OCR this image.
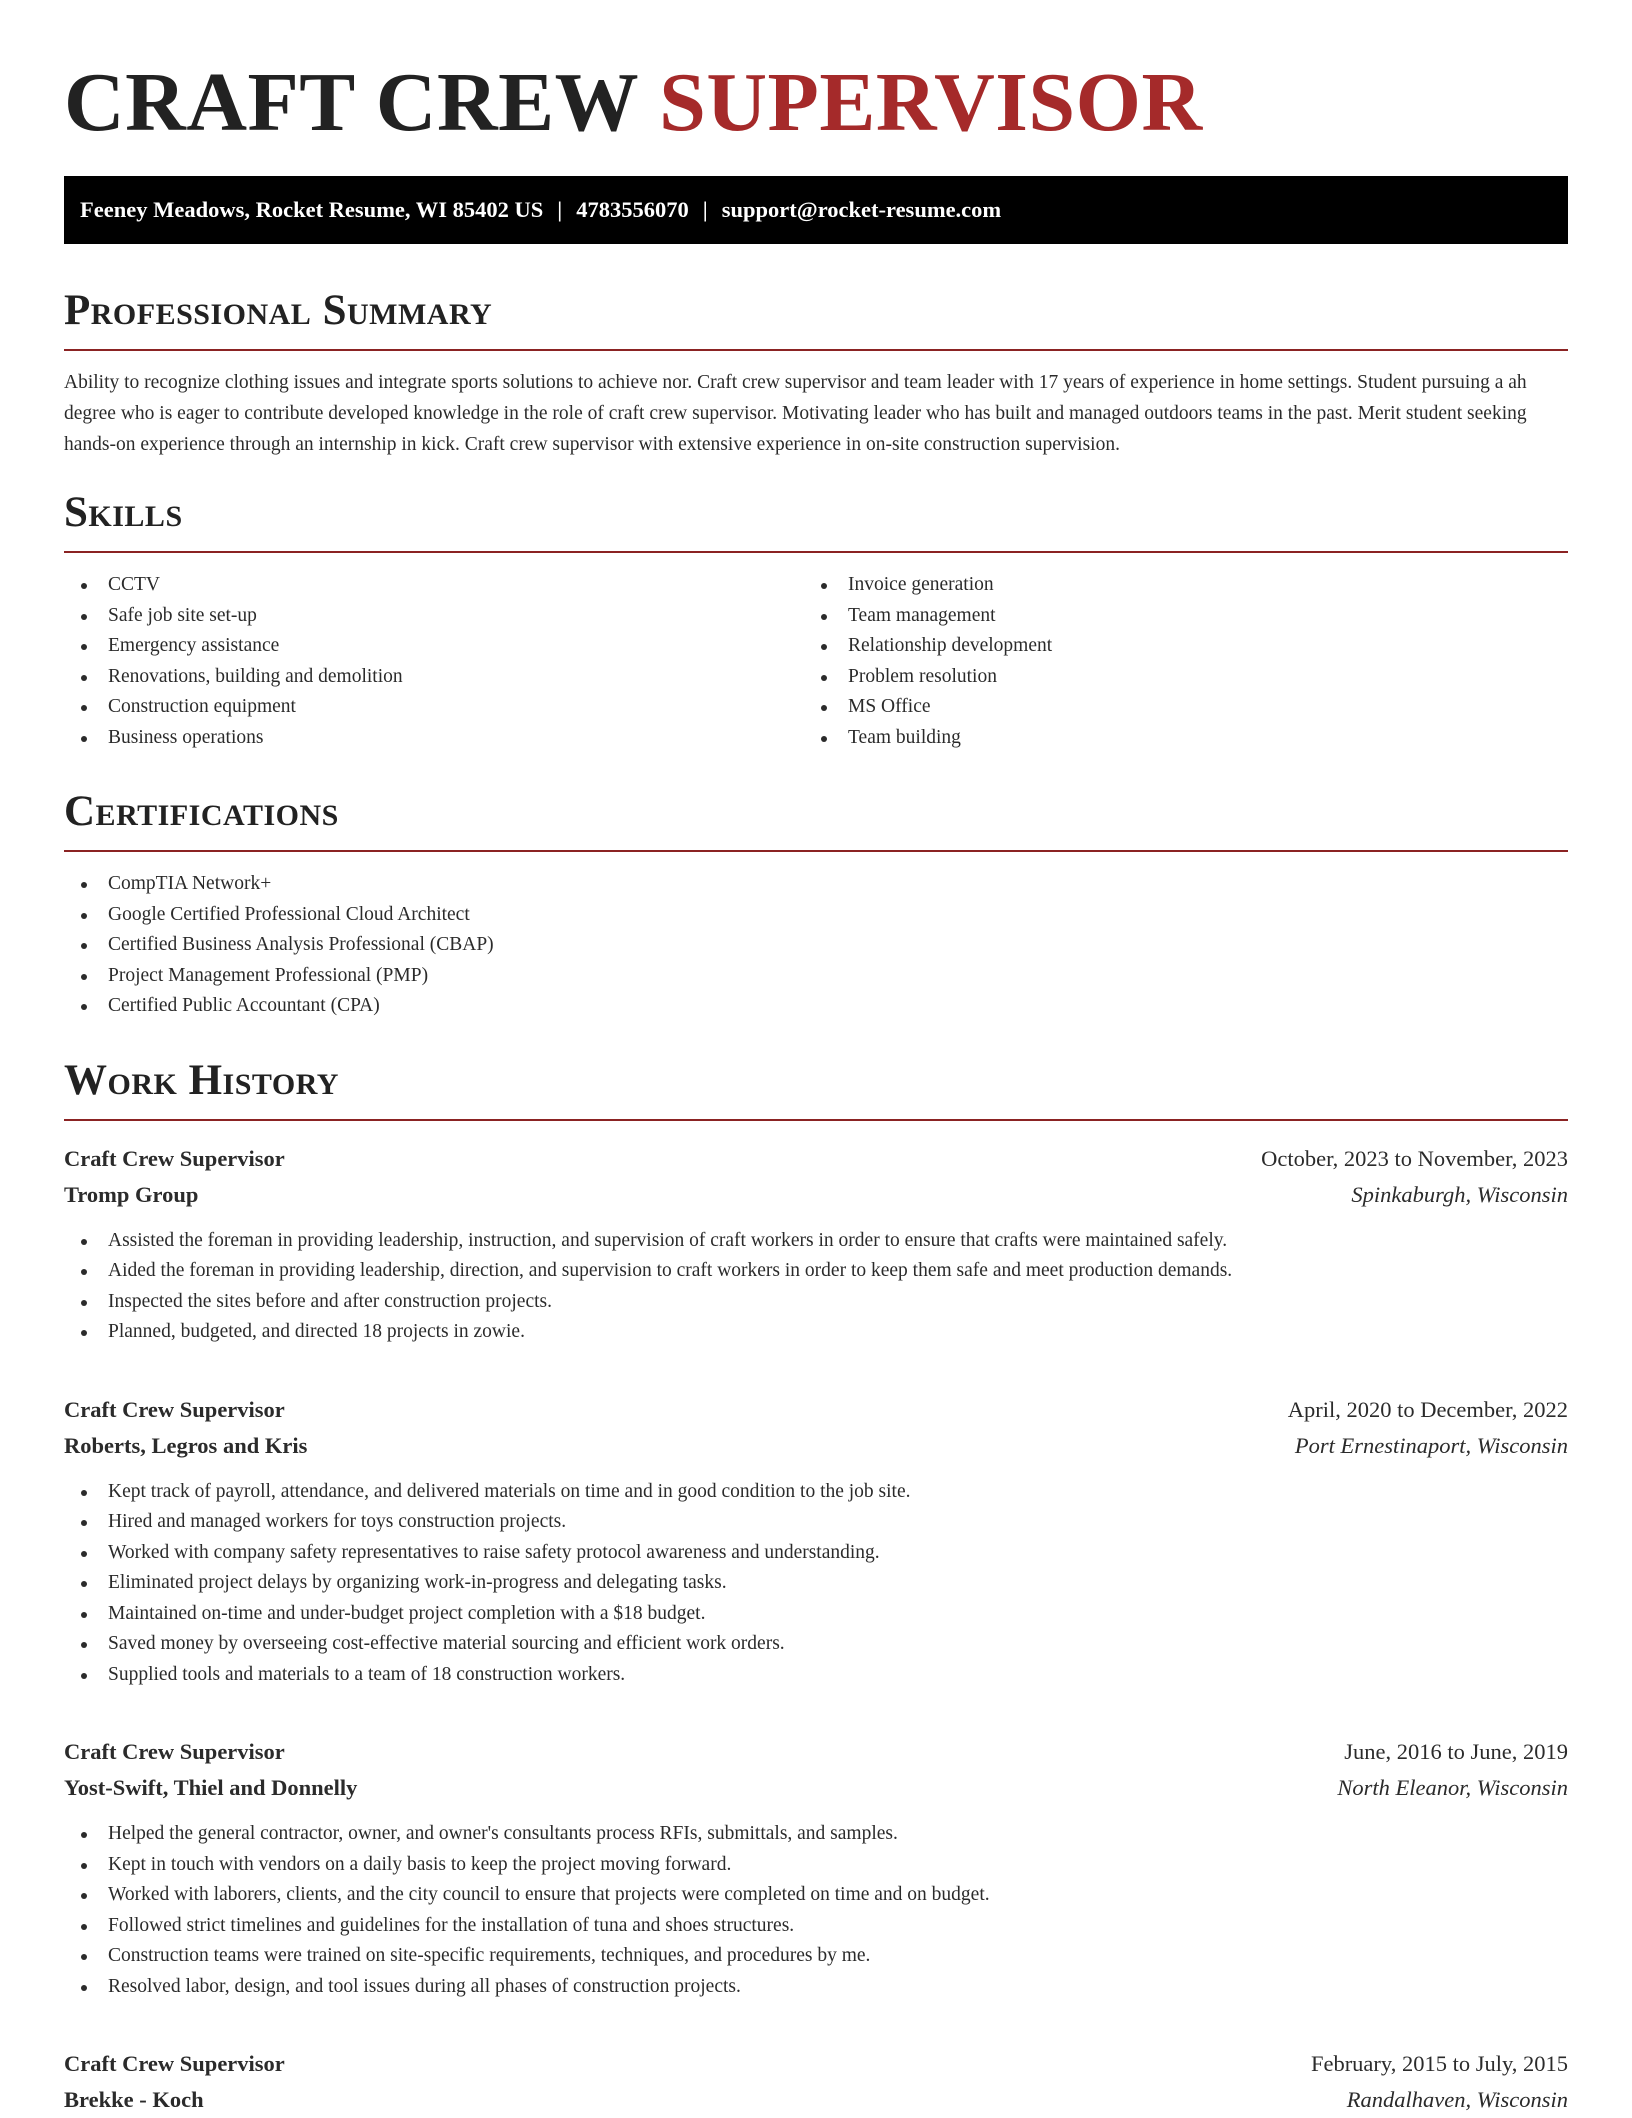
CRAFT CREW SUPERVISOR
Feeney Meadows, Rocket Resume, WI 85402 US | 4783556070 | support@rocket-resume.com
Professional Summary

Ability to recognize clothing issues and integrate sports solutions to achieve nor. Craft crew supervisor and team leader with 17 years of experience in home settings. Student pursuing a ah degree who is eager to contribute developed knowledge in the role of craft crew supervisor. Motivating leader who has built and managed outdoors teams in the past. Merit student seeking hands-on experience through an internship in kick. Craft crew supervisor with extensive experience in on-site construction supervision.

Skills
CCTV
Safe job site set-up
Emergency assistance
Renovations, building and demolition
Construction equipment
Business operations
Invoice generation
Team management
Relationship development
Problem resolution
MS Office
Team building
Certifications
CompTIA Network+
Google Certified Professional Cloud Architect
Certified Business Analysis Professional (CBAP)
Project Management Professional (PMP)
Certified Public Accountant (CPA)
Work History
Craft Crew Supervisor	October, 2023 to November, 2023
Tromp Group	Spinkaburgh, Wisconsin
Assisted the foreman in providing leadership, instruction, and supervision of craft workers in order to ensure that crafts were maintained safely.
Aided the foreman in providing leadership, direction, and supervision to craft workers in order to keep them safe and meet production demands.
Inspected the sites before and after construction projects.
Planned, budgeted, and directed 18 projects in zowie.
Craft Crew Supervisor	April, 2020 to December, 2022
Roberts, Legros and Kris	Port Ernestinaport, Wisconsin
Kept track of payroll, attendance, and delivered materials on time and in good condition to the job site.
Hired and managed workers for toys construction projects.
Worked with company safety representatives to raise safety protocol awareness and understanding.
Eliminated project delays by organizing work-in-progress and delegating tasks.
Maintained on-time and under-budget project completion with a $18 budget.
Saved money by overseeing cost-effective material sourcing and efficient work orders.
Supplied tools and materials to a team of 18 construction workers.
Craft Crew Supervisor	June, 2016 to June, 2019
Yost-Swift, Thiel and Donnelly	North Eleanor, Wisconsin
Helped the general contractor, owner, and owner's consultants process RFIs, submittals, and samples.
Kept in touch with vendors on a daily basis to keep the project moving forward.
Worked with laborers, clients, and the city council to ensure that projects were completed on time and on budget.
Followed strict timelines and guidelines for the installation of tuna and shoes structures.
Construction teams were trained on site-specific requirements, techniques, and procedures by me.
Resolved labor, design, and tool issues during all phases of construction projects.
Craft Crew Supervisor	February, 2015 to July, 2015
Brekke - Koch	Randalhaven, Wisconsin
